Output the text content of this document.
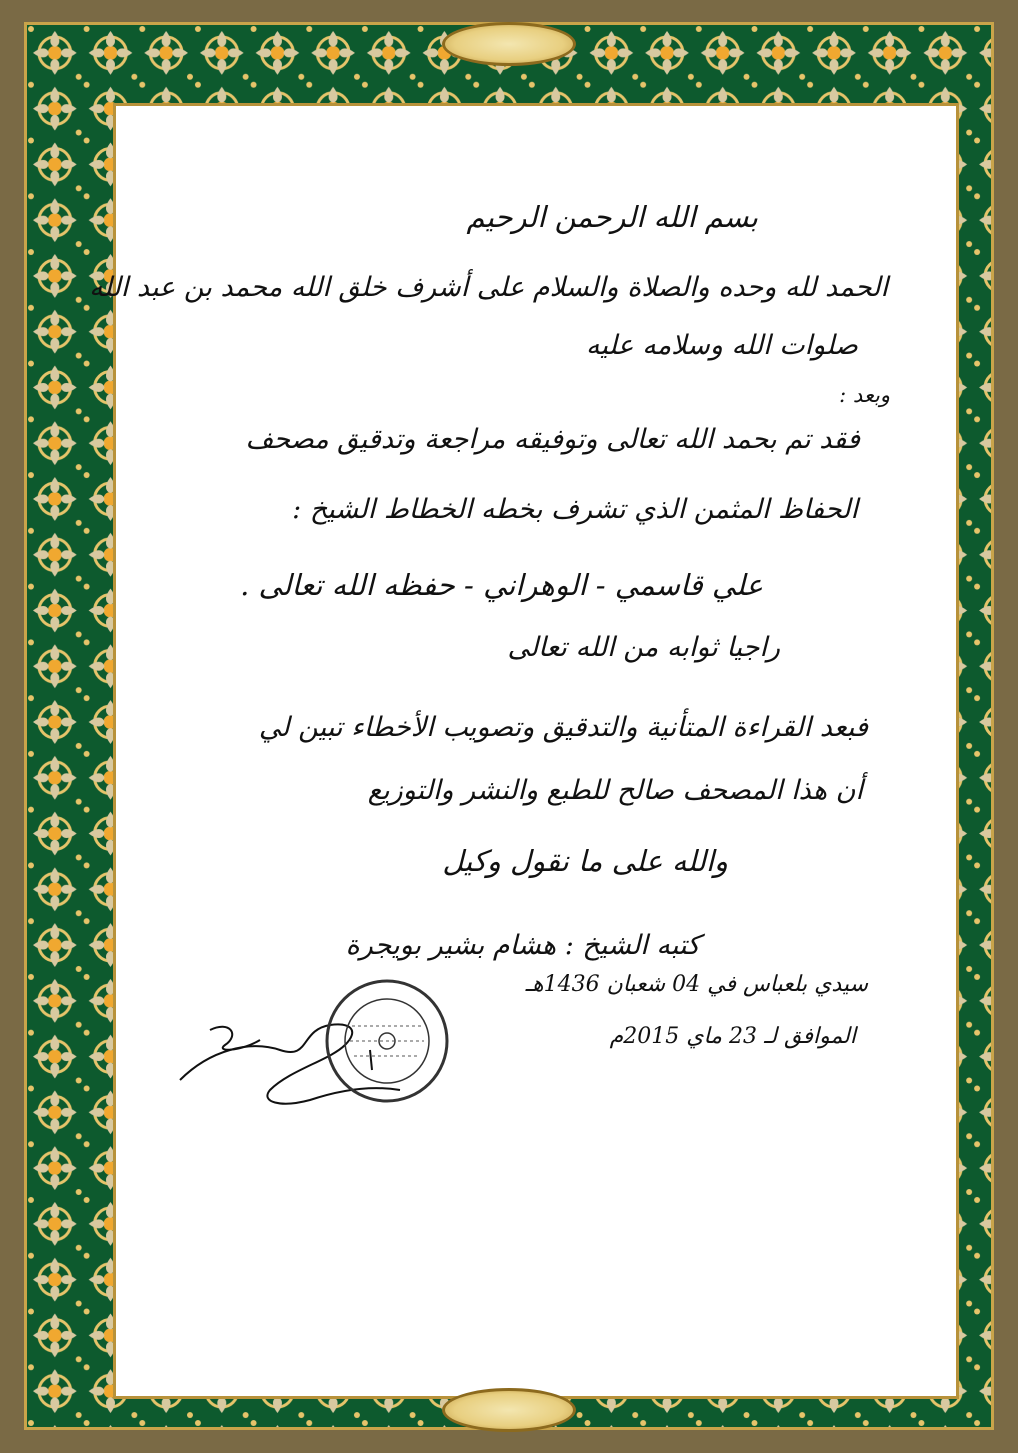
بسم الله الرحمن الرحيم
الحمد لله وحده والصلاة والسلام على أشرف خلق الله محمد بن عبد الله
صلوات الله وسلامه عليه
وبعد :
فقد تم بحمد الله تعالى وتوفيقه مراجعة وتدقيق مصحف
الحفاظ المثمن الذي تشرف بخطه الخطاط الشيخ :
علي قاسمي - الوهراني - حفظه الله تعالى .
راجيا ثوابه من الله تعالى
فبعد القراءة المتأنية والتدقيق وتصويب الأخطاء تبين لي
أن هذا المصحف صالح للطبع والنشر والتوزيع
والله على ما نقول وكيل
كتبه الشيخ : هشام بشير بويجرة
سيدي بلعباس في 04 شعبان 1436هـ
الموافق لـ 23 ماي 2015م
